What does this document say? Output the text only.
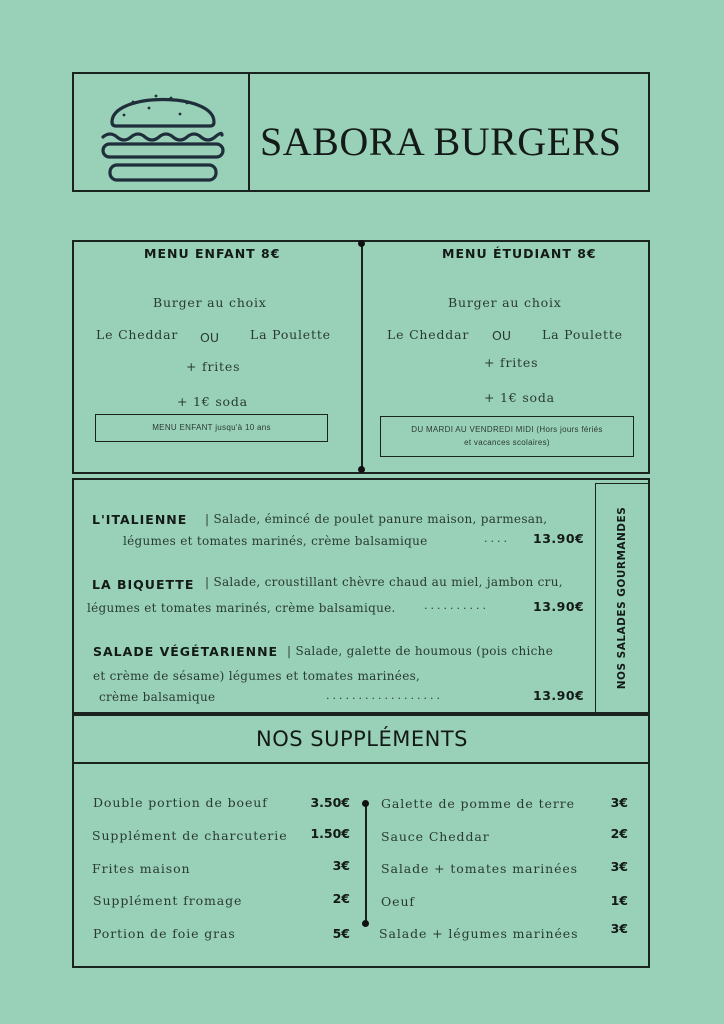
SABORA BURGERS
MENU ENFANT 8€
Burger au choix
Le Cheddar OU La Poulette
+ frites
+ 1€ soda
MENU ENFANT jusqu'à 10 ans
MENU ÉTUDIANT 8€
Burger au choix
Le Cheddar OU La Poulette
+ frites
+ 1€ soda
DU MARDI AU VENDREDI MIDI (Hors jours fériés
et vacances scolaires)
NOS SALADES GOURMANDES
L'ITALIENNE | Salade, émincé de poulet panure maison, parmesan,
légumes et tomates marinés, crème balsamique	.... 13.90€
LA BIQUETTE | Salade, croustillant chèvre chaud au miel, jambon cru,
légumes et tomates marinés, crème balsamique.	..........	13.90€
SALADE VÉGÉTARIENNE | Salade, galette de houmous (pois chiche
et crème de sésame) légumes et tomates marinées,
crème balsamique	..................	13.90€
NOS SUPPLÉMENTS
Double portion de boeuf	3.50€
Supplément de charcuterie	1.50€
Frites maison	3€
Supplément fromage	2€
Portion de foie gras	5€
Galette de pomme de terre	3€
Sauce Cheddar	2€
Salade + tomates marinées	3€
Oeuf	1€
Salade + légumes marinées	3€
